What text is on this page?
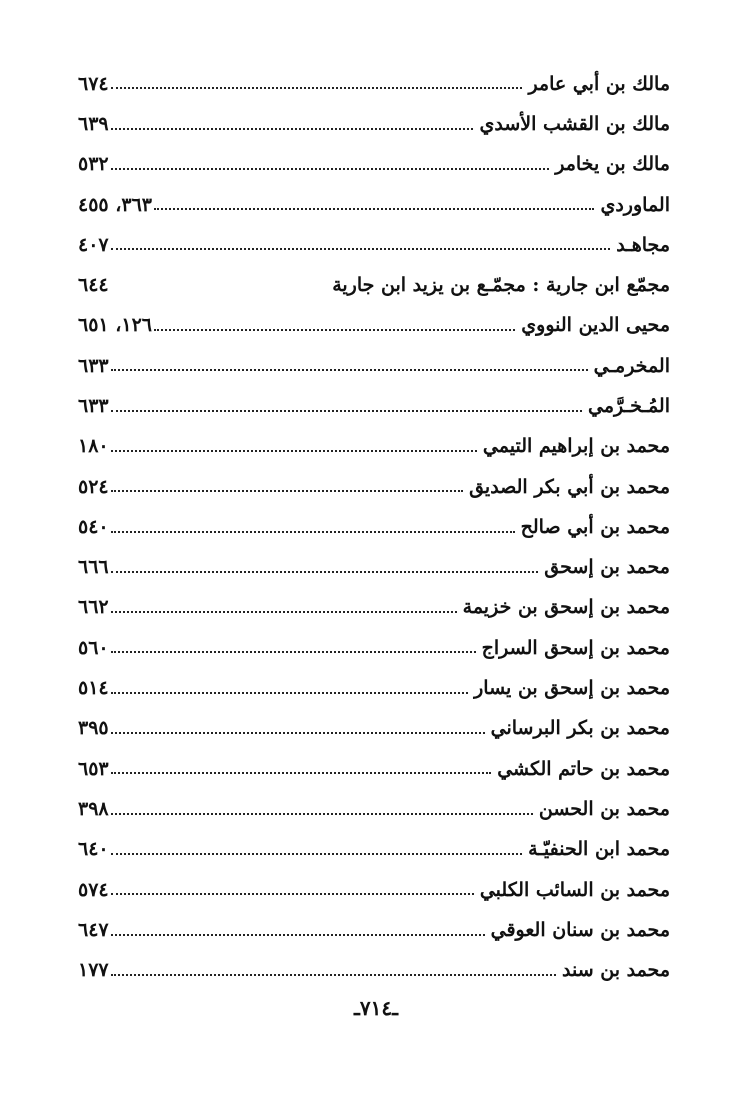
مالك بن أبي عامر
٦٧٤
مالك بن القشب الأسدي
٦٣٩
مالك بن يخامر
٥٣٢
الماوردي
٣٦٣، ٤٥٥
مجاهـد
٤٠٧
مجمّع ابن جارية : مجمّـع بن يزيد ابن جارية
٦٤٤
محيى الدين النووي
١٢٦، ٦٥١
المخرمـي
٦٣٣
المُـخـرَّمي
٦٣٣
محمد بن إبراهيم التيمي
١٨٠
محمد بن أبي بكر الصديق
٥٢٤
محمد بن أبي صالح
٥٤٠
محمد بن إسحق
٦٦٦
محمد بن إسحق بن خزيمة
٦٦٢
محمد بن إسحق السراج
٥٦٠
محمد بن إسحق بن يسار
٥١٤
محمد بن بكر البرساني
٣٩٥
محمد بن حاتم الكشي
٦٥٣
محمد بن الحسن
٣٩٨
محمد ابن الحنفيّـة
٦٤٠
محمد بن السائب الكلبي
٥٧٤
محمد بن سنان العوقي
٦٤٧
محمد بن سند
١٧٧
ـ٧١٤ـ
